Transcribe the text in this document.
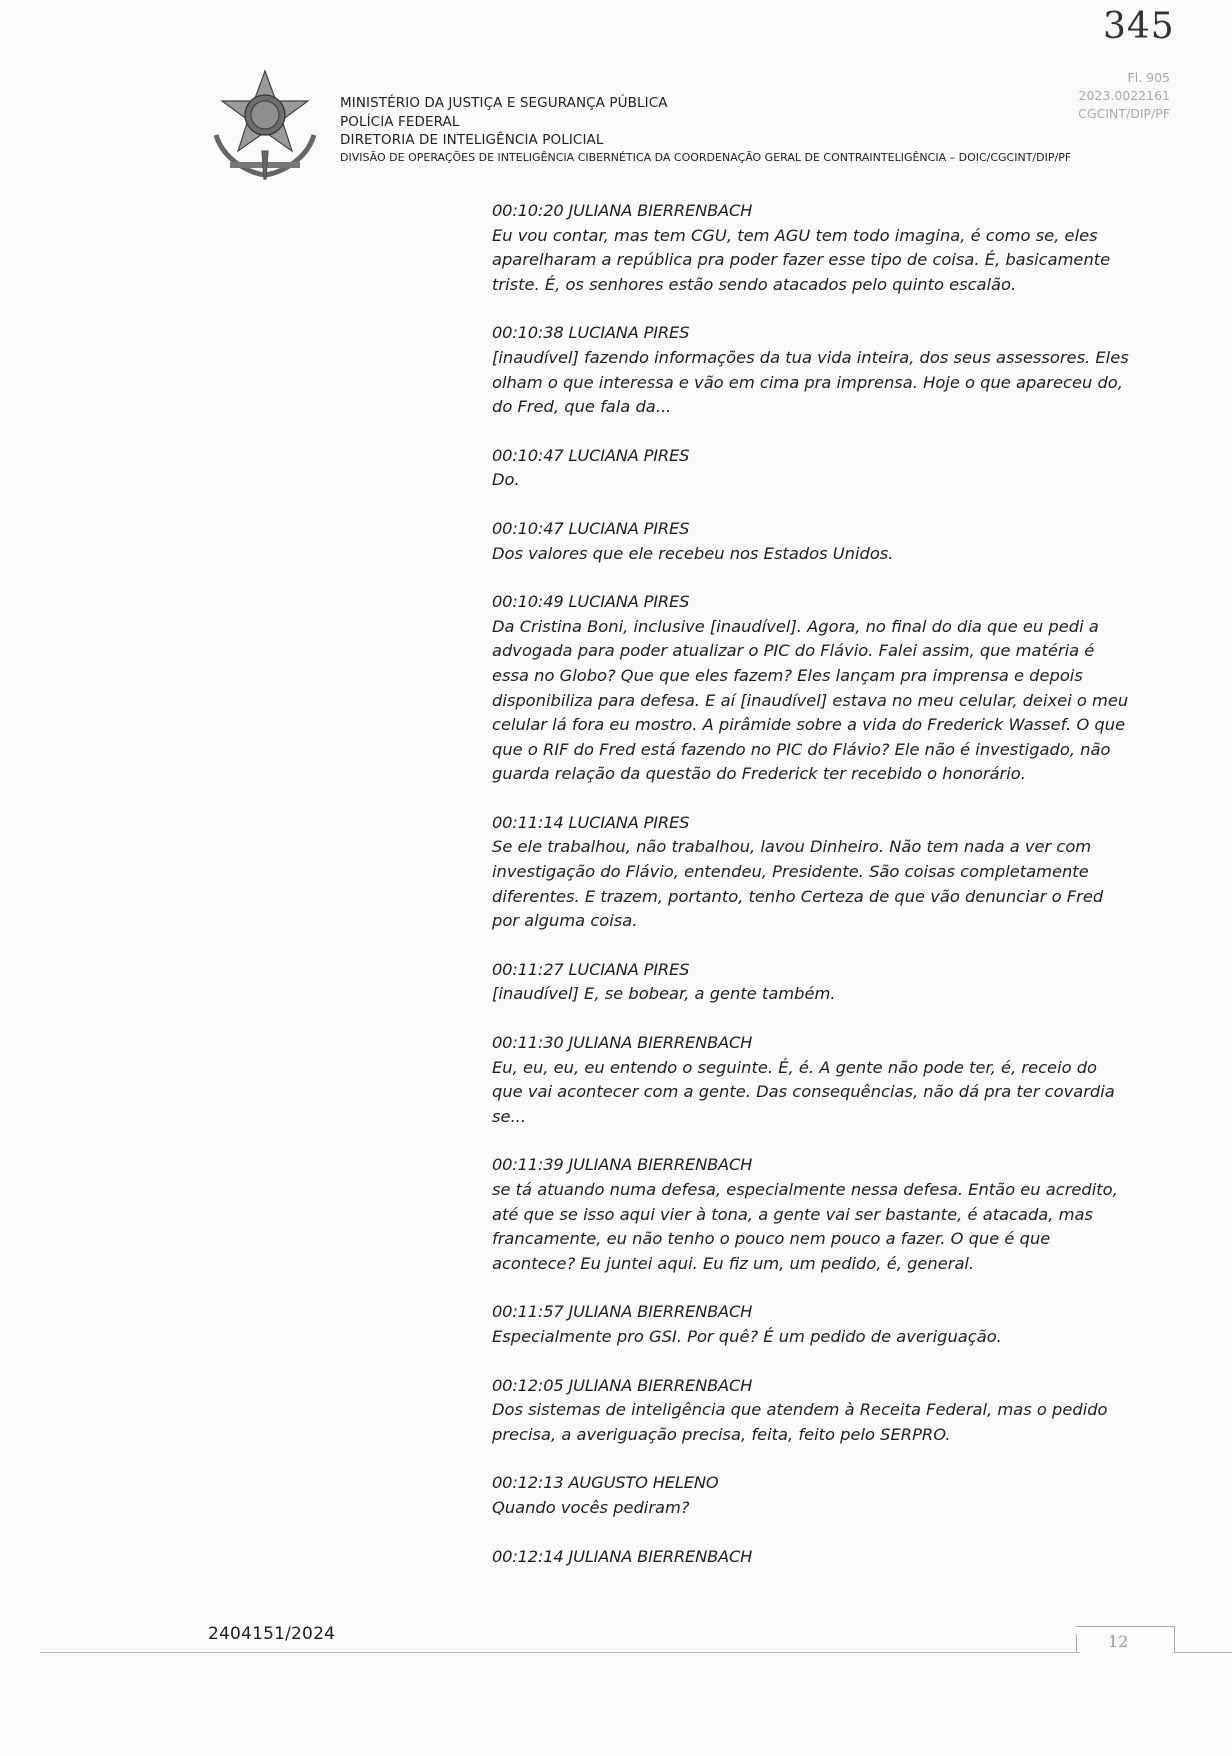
345
MINISTÉRIO DA JUSTIÇA E SEGURANÇA PÚBLICA
POLÍCIA FEDERAL
DIRETORIA DE INTELIGÊNCIA POLICIAL
DIVISÃO DE OPERAÇÕES DE INTELIGÊNCIA CIBERNÉTICA DA COORDENAÇÃO GERAL DE CONTRAINTELIGÊNCIA – DOIC/CGCINT/DIP/PF
Fl. 905
2023.0022161
CGCINT/DIP/PF
00:10:20 JULIANA BIERRENBACH
Eu vou contar, mas tem CGU, tem AGU tem todo imagina, é como se, eles aparelharam a república pra poder fazer esse tipo de coisa. É, basicamente triste. É, os senhores estão sendo atacados pelo quinto escalão.
00:10:38 LUCIANA PIRES
[inaudível] fazendo informações da tua vida inteira, dos seus assessores. Eles olham o que interessa e vão em cima pra imprensa. Hoje o que apareceu do, do Fred, que fala da...
00:10:47 LUCIANA PIRES
Do.
00:10:47 LUCIANA PIRES
Dos valores que ele recebeu nos Estados Unidos.
00:10:49 LUCIANA PIRES
Da Cristina Boni, inclusive [inaudível]. Agora, no final do dia que eu pedi a advogada para poder atualizar o PIC do Flávio. Falei assim, que matéria é essa no Globo? Que que eles fazem? Eles lançam pra imprensa e depois disponibiliza para defesa. E aí [inaudível] estava no meu celular, deixei o meu celular lá fora eu mostro. A pirâmide sobre a vida do Frederick Wassef. O que que o RIF do Fred está fazendo no PIC do Flávio? Ele não é investigado, não guarda relação da questão do Frederick ter recebido o honorário.
00:11:14 LUCIANA PIRES
Se ele trabalhou, não trabalhou, lavou Dinheiro. Não tem nada a ver com investigação do Flávio, entendeu, Presidente. São coisas completamente diferentes. E trazem, portanto, tenho Certeza de que vão denunciar o Fred por alguma coisa.
00:11:27 LUCIANA PIRES
[inaudível] E, se bobear, a gente também.
00:11:30 JULIANA BIERRENBACH
Eu, eu, eu, eu entendo o seguinte. É, é. A gente não pode ter, é, receio do que vai acontecer com a gente. Das consequências, não dá pra ter covardia se...
00:11:39 JULIANA BIERRENBACH
se tá atuando numa defesa, especialmente nessa defesa. Então eu acredito, até que se isso aqui vier à tona, a gente vai ser bastante, é atacada, mas francamente, eu não tenho o pouco nem pouco a fazer. O que é que acontece? Eu juntei aqui. Eu fiz um, um pedido, é, general.
00:11:57 JULIANA BIERRENBACH
Especialmente pro GSI. Por quê? É um pedido de averiguação.
00:12:05 JULIANA BIERRENBACH
Dos sistemas de inteligência que atendem à Receita Federal, mas o pedido precisa, a averiguação precisa, feita, feito pelo SERPRO.
00:12:13 AUGUSTO HELENO
Quando vocês pediram?
00:12:14 JULIANA BIERRENBACH
2404151/2024	12
